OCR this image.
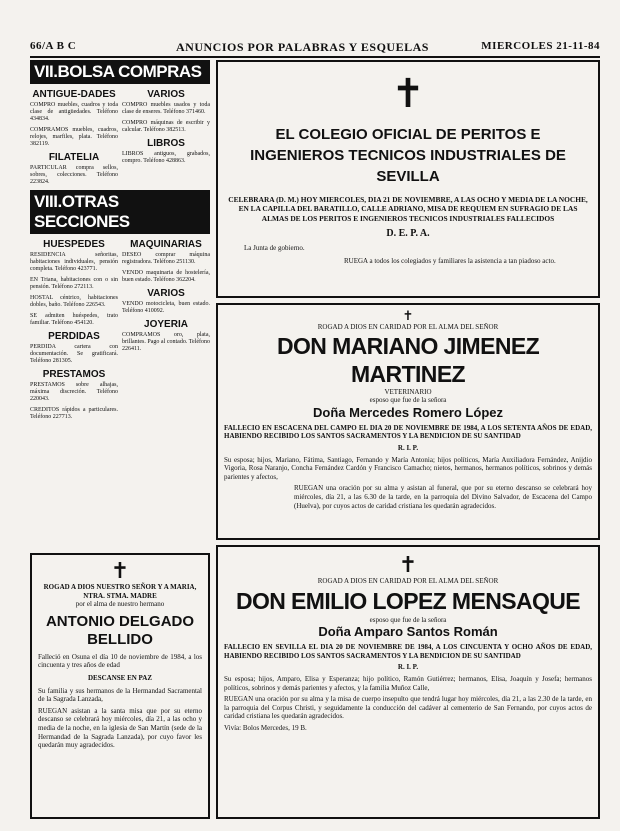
66/A B C	ANUNCIOS POR PALABRAS Y ESQUELAS	MIERCOLES 21-11-84
VII.BOLSA COMPRAS
ANTIGUE-DADES
COMPRO muebles, cuadros y toda clase de antigüedades. Teléfono 434834.
COMPRAMOS muebles, cuadros, relojes, marfiles, plata. Teléfono 382119.
FILATELIA
PARTICULAR compra sellos, sobres, colecciones. Teléfono 223824.
VARIOS
COMPRO muebles usados y toda clase de enseres. Teléfono 371460.
COMPRO máquinas de escribir y calcular. Teléfono 382513.
LIBROS
LIBROS antiguos, grabados, compro. Teléfono 428863.
VIII.OTRAS SECCIONES
HUESPEDES
RESIDENCIA señoritas, habitaciones individuales, pensión completa. Teléfono 423771.
EN Triana, habitaciones con o sin pensión. Teléfono 272113.
HOSTAL céntrico, habitaciones dobles, baño. Teléfono 226543.
SE admiten huéspedes, trato familiar. Teléfono 454120.
PERDIDAS
PERDIDA cartera con documentación. Se gratificará. Teléfono 281305.
PRESTAMOS
PRESTAMOS sobre alhajas, máxima discreción. Teléfono 220043.
CREDITOS rápidos a particulares. Teléfono 227713.
MAQUINARIAS
DESEO comprar máquina registradora. Teléfono 251130.
VENDO maquinaria de hostelería, buen estado. Teléfono 362204.
VARIOS
VENDO motocicleta, buen estado. Teléfono 410092.
JOYERIA
COMPRAMOS oro, plata, brillantes. Pago al contado. Teléfono 226411.
✝
ROGAD A DIOS NUESTRO SEÑOR Y A MARIA, NTRA. STMA. MADRE
por el alma de nuestro hermano
ANTONIO DELGADO BELLIDO
Falleció en Osuna el día 10 de noviembre de 1984, a los cincuenta y tres años de edad
DESCANSE EN PAZ
Su familia y sus hermanos de la Hermandad Sacramental de la Sagrada Lanzada,
RUEGAN asistan a la santa misa que por su eterno descanso se celebrará hoy miércoles, día 21, a las ocho y media de la noche, en la iglesia de San Martín (sede de la Hermandad de la Sagrada Lanzada), por cuyo favor les quedarán muy agradecidos.
✝
EL COLEGIO OFICIAL DE PERITOS E INGENIEROS TECNICOS INDUSTRIALES DE SEVILLA
CELEBRARA (D. M.) HOY MIERCOLES, DIA 21 DE NOVIEMBRE, A LAS OCHO Y MEDIA DE LA NOCHE, EN LA CAPILLA DEL BARATILLO, CALLE ADRIANO, MISA DE REQUIEM EN SUFRAGIO DE LAS ALMAS DE LOS PERITOS E INGENIEROS TECNICOS INDUSTRIALES FALLECIDOS
D. E. P. A.
La Junta de gobierno.
RUEGA a todos los colegiados y familiares la asistencia a tan piadoso acto.
✝
ROGAD A DIOS EN CARIDAD POR EL ALMA DEL SEÑOR
DON MARIANO JIMENEZ MARTINEZ
VETERINARIO
esposo que fue de la señora
Doña Mercedes Romero López
FALLECIO EN ESCACENA DEL CAMPO EL DIA 20 DE NOVIEMBRE DE 1984, A LOS SETENTA AÑOS DE EDAD, HABIENDO RECIBIDO LOS SANTOS SACRAMENTOS Y LA BENDICION DE SU SANTIDAD
R. I. P.
Su esposa; hijos, Mariano, Fátima, Santiago, Fernando y María Antonia; hijos políticos, María Auxiliadora Fernández, Anijdio Vigoria, Rosa Naranjo, Concha Fernández Cardón y Francisco Camacho; nietos, hermanos, hermanos políticos, sobrinos y demás parientes y afectos,
RUEGAN una oración por su alma y asistan al funeral, que por su eterno descanso se celebrará hoy miércoles, día 21, a las 6.30 de la tarde, en la parroquia del Divino Salvador, de Escacena del Campo (Huelva), por cuyos actos de caridad cristiana les quedarán agradecidos.
✝
ROGAD A DIOS EN CARIDAD POR EL ALMA DEL SEÑOR
DON EMILIO LOPEZ MENSAQUE
esposo que fue de la señora
Doña Amparo Santos Román
FALLECIO EN SEVILLA EL DIA 20 DE NOVIEMBRE DE 1984, A LOS CINCUENTA Y OCHO AÑOS DE EDAD, HABIENDO RECIBIDO LOS SANTOS SACRAMENTOS Y LA BENDICION DE SU SANTIDAD
R. I. P.
Su esposa; hijos, Amparo, Elisa y Esperanza; hijo político, Ramón Gutiérrez; hermanos, Elisa, Joaquín y Josefa; hermanos políticos, sobrinos y demás parientes y afectos, y la familia Muñoz Calle,
RUEGAN una oración por su alma y la misa de cuerpo insepulto que tendrá lugar hoy miércoles, día 21, a las 2.30 de la tarde, en la parroquia del Corpus Christi, y seguidamente la conducción del cadáver al cementerio de San Fernando, por cuyos actos de caridad cristiana les quedarán agradecidos.
Vivía: Bolos Mercedes, 19 B.
